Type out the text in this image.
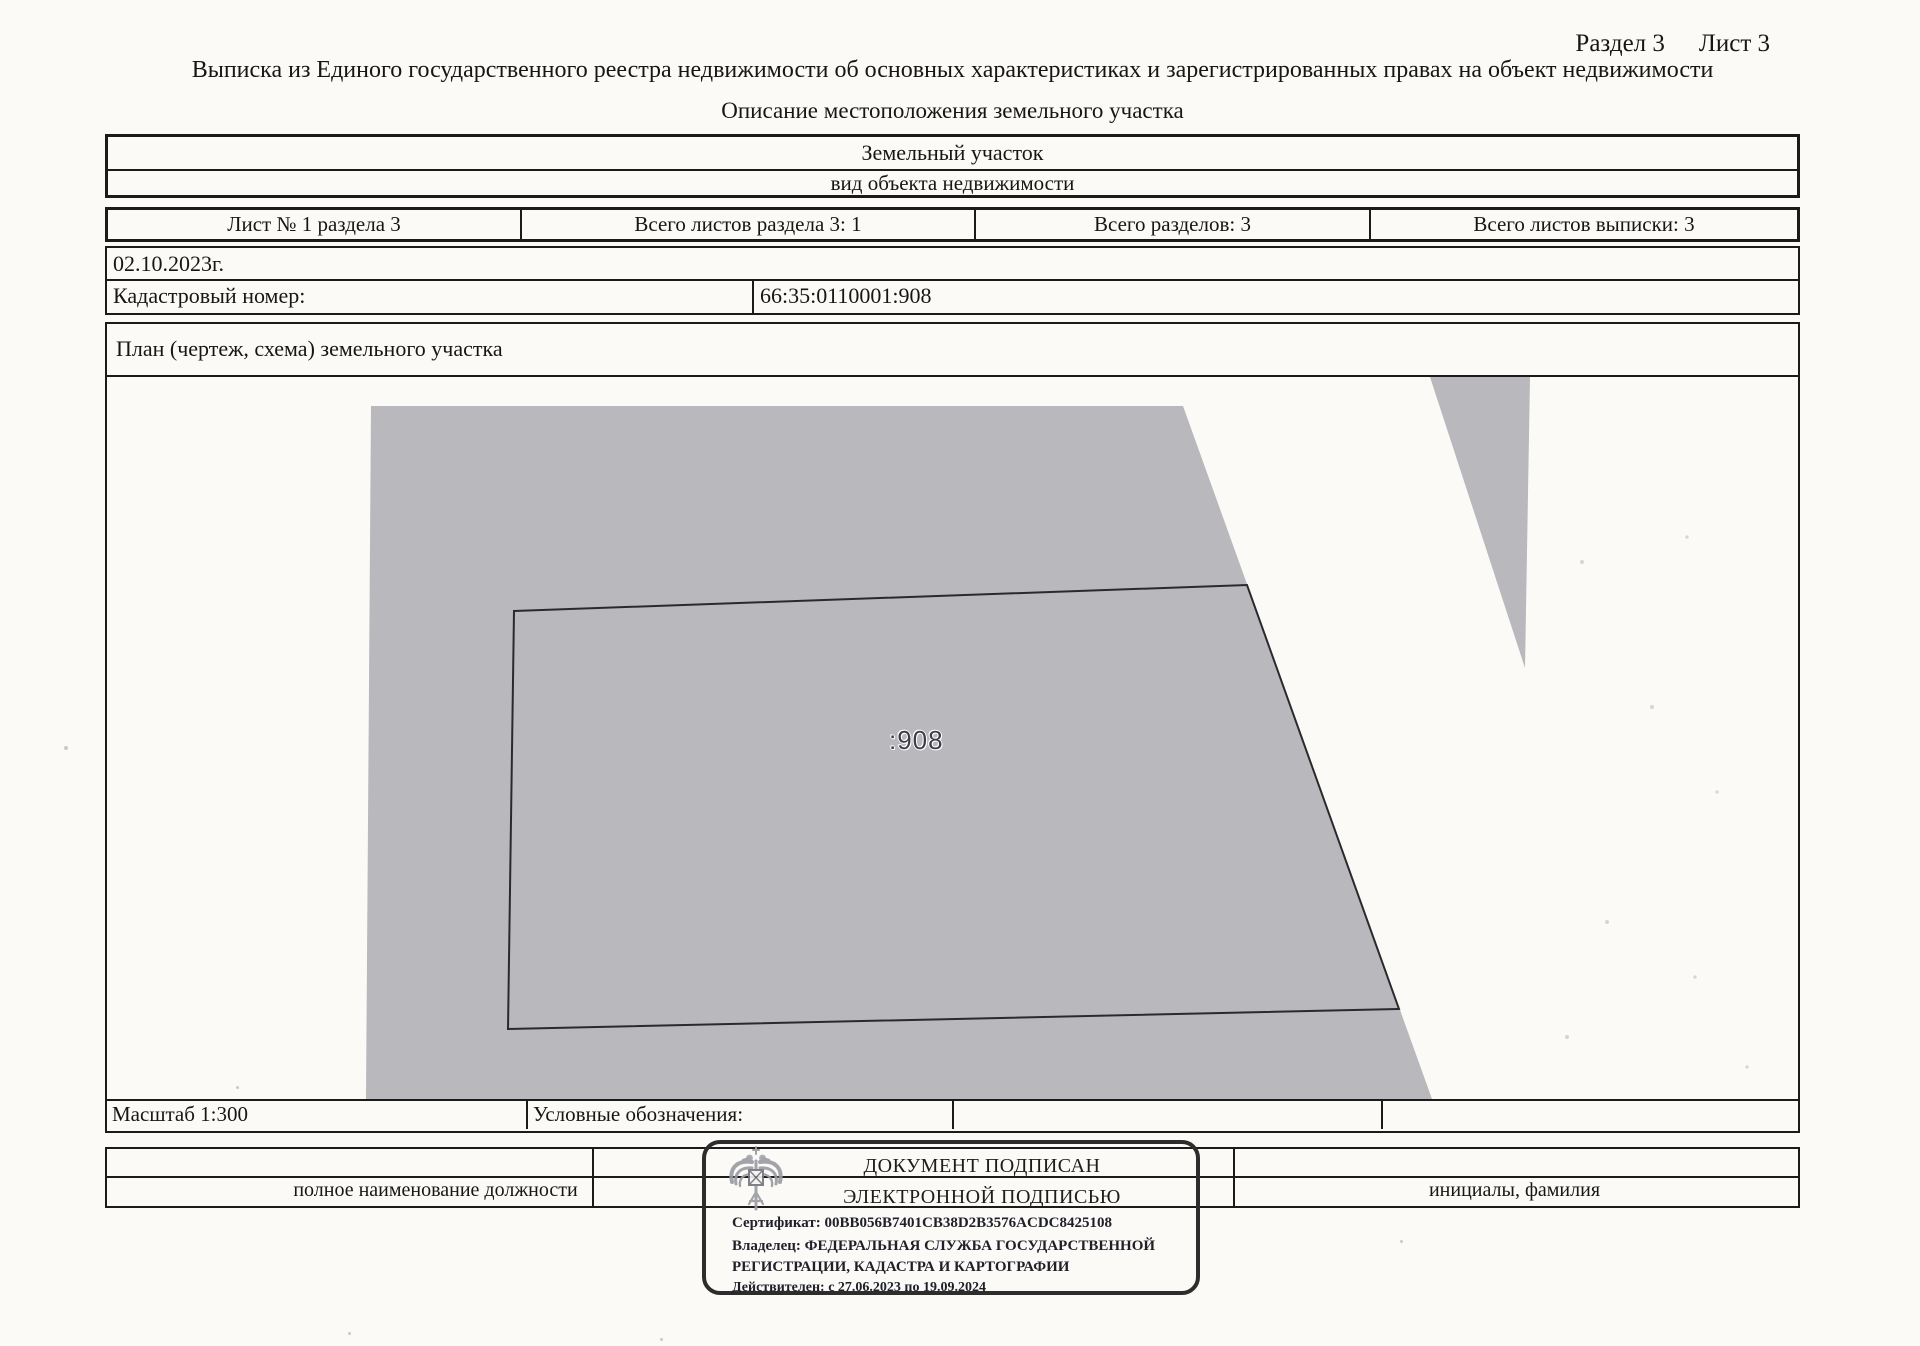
Раздел 3 Лист 3
Выписка из Единого государственного реестра недвижимости об основных характеристиках и зарегистрированных правах на объект недвижимости
Описание местоположения земельного участка
Земельный участок
вид объекта недвижимости
Лист № 1 раздела 3	Всего листов раздела 3: 1	Всего разделов: 3	Всего листов выписки: 3
02.10.2023г.
Кадастровый номер:	66:35:0110001:908
План (чертеж, схема) земельного участка
:908
Масштаб 1:300	Условные обозначения:
полное наименование должности	инициалы, фамилия
ДОКУМЕНТ ПОДПИСАН
ЭЛЕКТРОННОЙ ПОДПИСЬЮ
Сертификат: 00BB056B7401CB38D2B3576ACDC8425108
Владелец: ФЕДЕРАЛЬНАЯ СЛУЖБА ГОСУДАРСТВЕННОЙ
РЕГИСТРАЦИИ, КАДАСТРА И КАРТОГРАФИИ
Действителен: с 27.06.2023 по 19.09.2024
